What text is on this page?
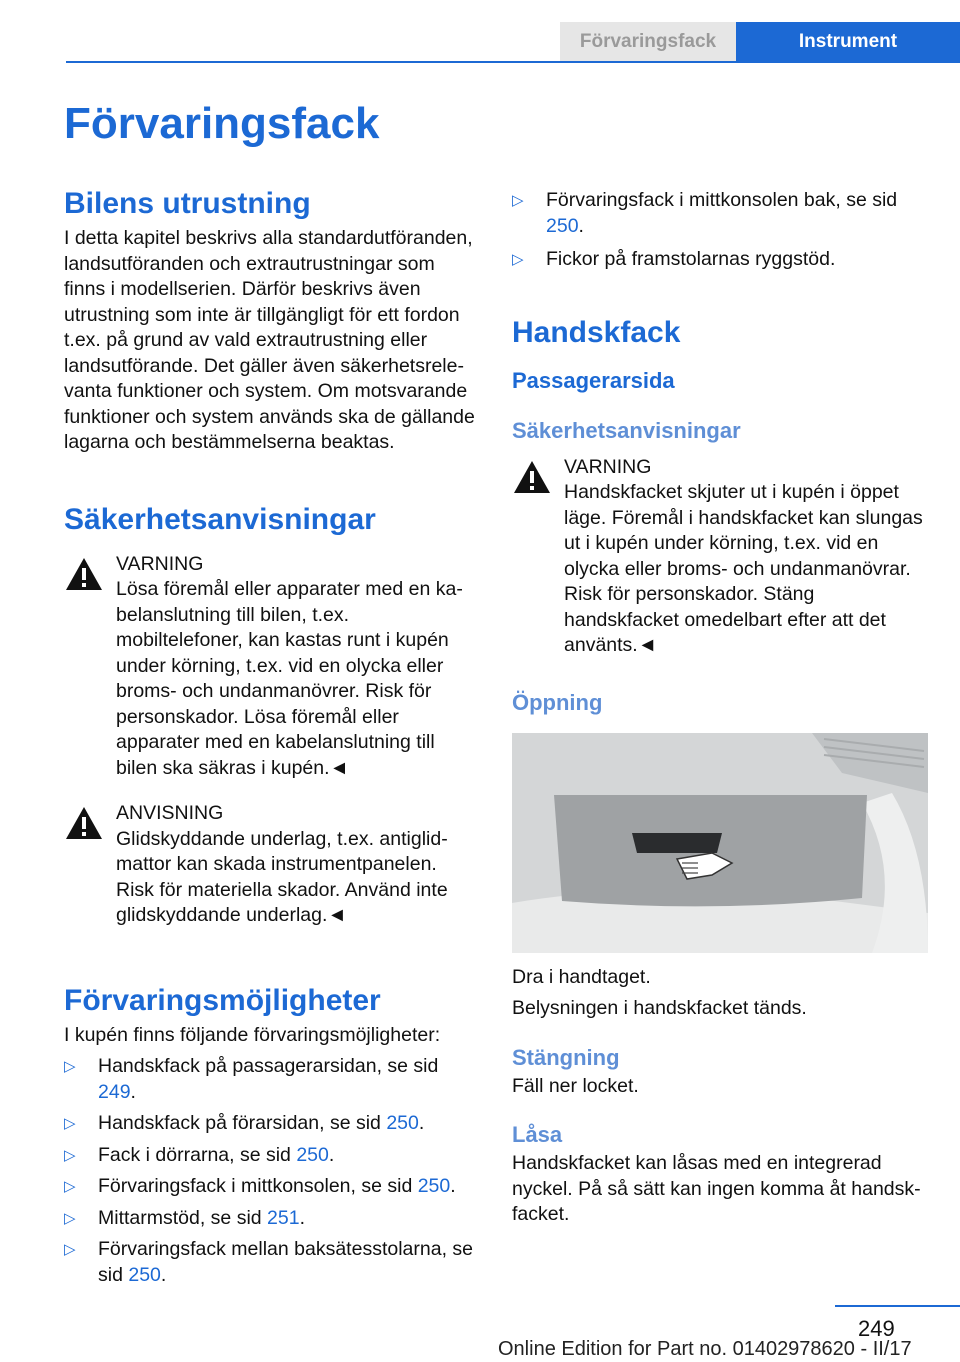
Förvaringsfack	Instrument
Förvaringsfack
Bilens utrustning

I detta kapitel beskrivs alla standardutföranden, landsutföranden och extrautrustningar som finns i modellserien. Därför beskrivs även utrustning som inte är tillgängligt för ett fordon t.ex. på grund av vald extrautrustning eller landsutförande. Det gäller även säkerhetsrelevanta funktioner och system. Om motsvarande funktioner och system används ska de gällande lagarna och bestämmelserna beaktas.

Säkerhetsanvisningar
VARNING
Lösa föremål eller apparater med en kabelanslutning till bilen, t.ex. mobiltelefoner, kan kastas runt i kupén under körning, t.ex. vid en olycka eller broms- och undanmanövrer. Risk för personskador. Lösa föremål eller apparater med en kabelanslutning till bilen ska säkras i kupén.◄
ANVISNING
Glidskyddande underlag, t.ex. antiglidmattor kan skada instrumentpanelen. Risk för materiella skador. Använd inte glidskyddande underlag.◄
Förvaringsmöjligheter

I kupén finns följande förvaringsmöjligheter:

▷ Handskfack på passagerarsidan, se sid 249.
▷ Handskfack på förarsidan, se sid 250.
▷ Fack i dörrarna, se sid 250.
▷ Förvaringsfack i mittkonsolen, se sid 250.
▷ Mittarmstöd, se sid 251.
▷ Förvaringsfack mellan baksätesstolarna, se sid 250.
▷ Förvaringsfack i mittkonsolen bak, se sid 250.
▷ Fickor på framstolarnas ryggstöd.
Handskfack
Passagerarsida
Säkerhetsanvisningar
VARNING
Handskfacket skjuter ut i kupén i öppet läge. Föremål i handskfacket kan slungas ut i kupén under körning, t.ex. vid en olycka eller broms- och undanmanövrar. Risk för personskador. Stäng handskfacket omedelbart efter att det använts.◄
Öppning

Dra i handtaget.

Belysningen i handskfacket tänds.

Stängning

Fäll ner locket.

Låsa

Handskfacket kan låsas med en integrerad nyckel. På så sätt kan ingen komma åt handskfacket.

249
Online Edition for Part no. 01402978620 - II/17
